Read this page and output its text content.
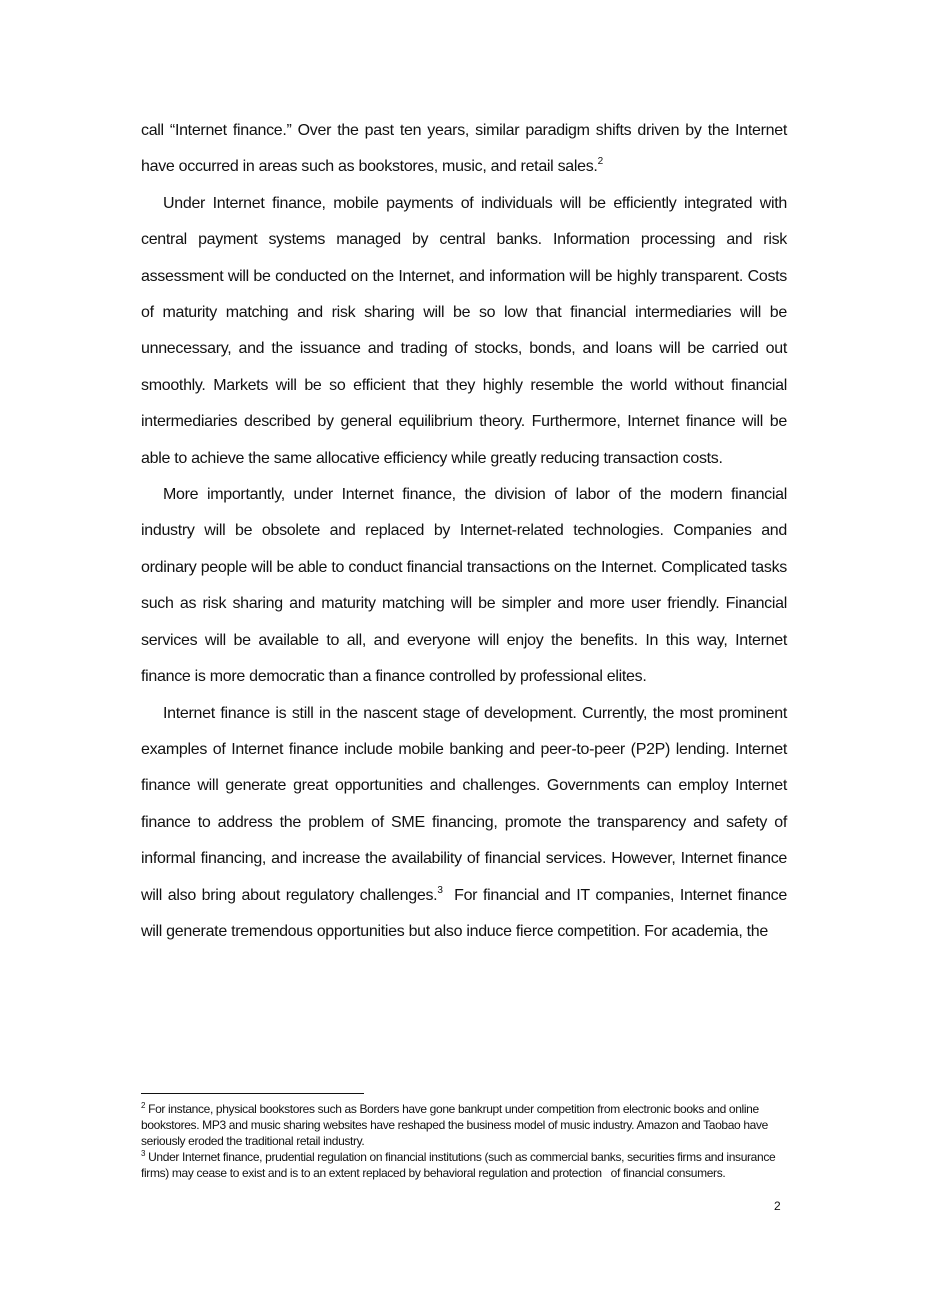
call “Internet finance.” Over the past ten years, similar paradigm shifts driven by the Internet have occurred in areas such as bookstores, music, and retail sales.$^2$

Under Internet finance, mobile payments of individuals will be efficiently integrated with central payment systems managed by central banks. Information processing and risk assessment will be conducted on the Internet, and information will be highly transparent. Costs of maturity matching and risk sharing will be so low that financial intermediaries will be unnecessary, and the issuance and trading of stocks, bonds, and loans will be carried out smoothly. Markets will be so efficient that they highly resemble the world without financial intermediaries described by general equilibrium theory. Furthermore, Internet finance will be able to achieve the same allocative efficiency while greatly reducing transaction costs.

More importantly, under Internet finance, the division of labor of the modern financial industry will be obsolete and replaced by Internet-related technologies. Companies and ordinary people will be able to conduct financial transactions on the Internet. Complicated tasks such as risk sharing and maturity matching will be simpler and more user friendly. Financial services will be available to all, and everyone will enjoy the benefits. In this way, Internet finance is more democratic than a finance controlled by professional elites.

Internet finance is still in the nascent stage of development. Currently, the most prominent examples of Internet finance include mobile banking and peer-to-peer (P2P) lending. Internet finance will generate great opportunities and challenges. Governments can employ Internet finance to address the problem of SME financing, promote the transparency and safety of informal financing, and increase the availability of financial services. However, Internet finance will also bring about regulatory challenges.$^3$  For financial and IT companies, Internet finance will generate tremendous opportunities but also induce fierce competition. For academia, the

$^2$ For instance, physical bookstores such as Borders have gone bankrupt under competition from electronic books and online bookstores. MP3 and music sharing websites have reshaped the business model of music industry. Amazon and Taobao have seriously eroded the traditional retail industry.

$^3$ Under Internet finance, prudential regulation on financial institutions (such as commercial banks, securities firms and insurance firms) may cease to exist and is to an extent replaced by behavioral regulation and protection   of financial consumers.

2
